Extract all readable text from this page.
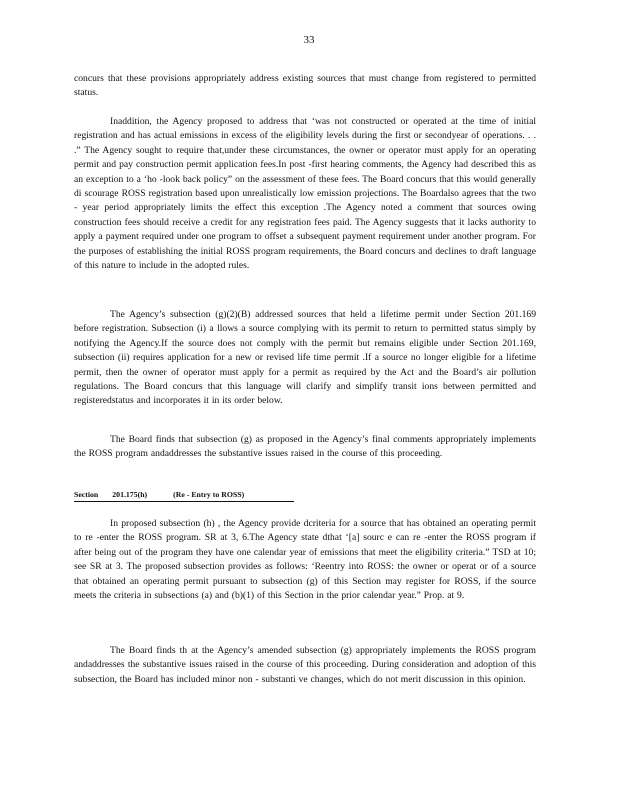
33

concurs that these provisions appropriately address existing sources that must change from registered to permitted status.

Inaddition, the Agency proposed to address that ‘was not constructed or operated at the time of initial registration and has actual emissions in excess of the eligibility levels during the first or secondyear of operations. . . .” The Agency sought to require that,under these circumstances, the owner or operator must apply for an operating permit and pay construction permit application fees.In post -first hearing comments, the Agency had described this as an exception to a ‘ho -look back policy” on the assessment of these fees. The Board concurs that this would generally di scourage ROSS registration based upon unrealistically low emission projections. The Boardalso agrees that the two - year period appropriately limits the effect this exception .The Agency noted a comment that sources owing construction fees should receive a credit for any registration fees paid. The Agency suggests that it lacks authority to apply a payment required under one program to offset a subsequent payment requirement under another program. For the purposes of establishing the initial ROSS program requirements, the Board concurs and declines to draft language of this nature to include in the adopted rules.

The Agency’s subsection (g)(2)(B) addressed sources that held a lifetime permit under Section 201.169 before registration. Subsection (i) a llows a source complying with its permit to return to permitted status simply by notifying the Agency.If the source does not comply with the permit but remains eligible under Section 201.169, subsection (ii) requires application for a new or revised life time permit .If a source no longer eligible for a lifetime permit, then the owner of operator must apply for a permit as required by the Act and the Board’s air pollution regulations. The Board concurs that this language will clarify and simplify transit ions between permitted and registeredstatus and incorporates it in its order below.

The Board finds that subsection (g) as proposed in the Agency’s final comments appropriately implements the ROSS program andaddresses the substantive issues raised in the course of this proceeding.

Section 201.175(h)	(Re - Entry to ROSS)

In proposed subsection (h) , the Agency provide dcriteria for a source that has obtained an operating permit to re -enter the ROSS program. SR at 3, 6.The Agency state dthat ‘[a] sourc e can re -enter the ROSS program if after being out of the program they have one calendar year of emissions that meet the eligibility criteria.” TSD at 10; see SR at 3. The proposed subsection provides as follows: ‘Reentry into ROSS: the owner or operat or of a source that obtained an operating permit pursuant to subsection (g) of this Section may register for ROSS, if the source meets the criteria in subsections (a) and (b)(1) of this Section in the prior calendar year.” Prop. at 9.

The Board finds th at the Agency’s amended subsection (g) appropriately implements the ROSS program andaddresses the substantive issues raised in the course of this proceeding. During consideration and adoption of this subsection, the Board has included minor non - substanti ve changes, which do not merit discussion in this opinion.
